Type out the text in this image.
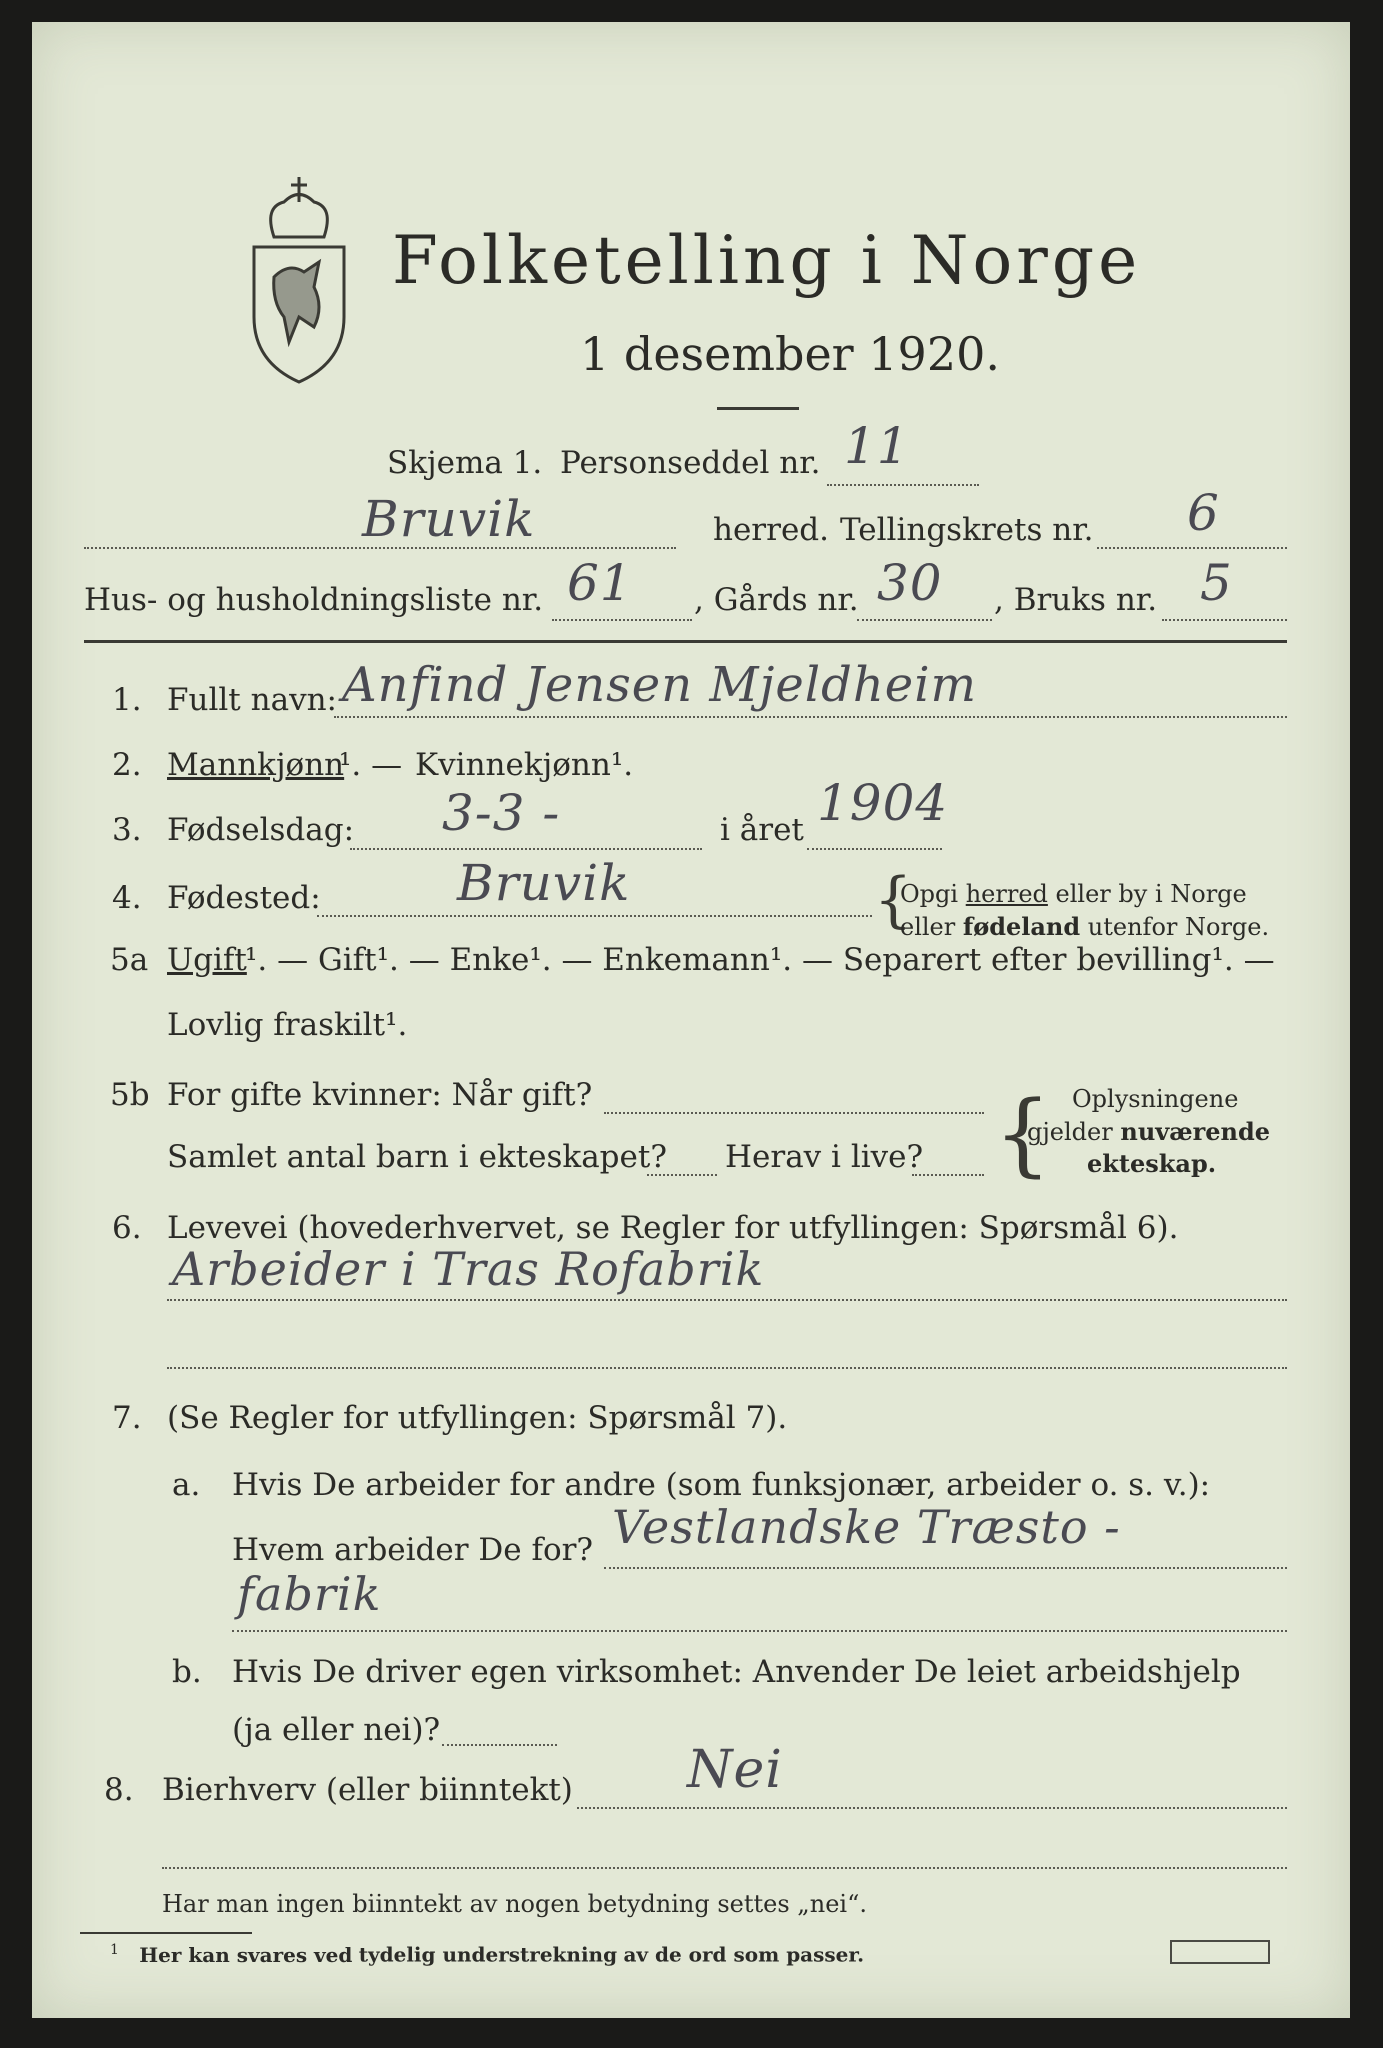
Folketelling i Norge
1 desember 1920.
Skjema 1. Personseddel nr. 11
Bruvik	herred. Tellingskrets nr. 6
Hus- og husholdningsliste nr. 61 , Gårds nr. 30 , Bruks nr. 5
1. Fullt navn: Anfind Jensen Mjeldheim
2. Mannkjønn
¹. — Kvinnekjønn¹.
3. Fødselsdag: 3-3 -	i året 1904
4. Fødested:	Bruvik	{
Opgi herred eller by i Norge
eller fødeland utenfor Norge.
5a Ugift
¹. — Gift¹. — Enke¹. — Enkemann¹. — Separert efter bevilling¹. —
Lovlig fraskilt¹.
5b For gifte kvinner: Når gift?
Samlet antal barn i ekteskapet? Herav i live? { Oplysningene
gjelder nuværende
ekteskap.
6. Levevei (hovederhvervet, se Regler for utfyllingen: Spørsmål 6).
Arbeider i Tras Rofabrik
7. (Se Regler for utfyllingen: Spørsmål 7).
a. Hvis De arbeider for andre (som funksjonær, arbeider o. s. v.):
Hvem arbeider De for? Vestlandske Træsto -
fabrik
b. Hvis De driver egen virksomhet: Anvender De leiet arbeidshjelp
(ja eller nei)?
8. Bierhverv (eller biinntekt) Nei
Har man ingen biinntekt av nogen betydning settes „nei“.
$^1$ Her kan svares ved tydelig understrekning av de ord som passer.
